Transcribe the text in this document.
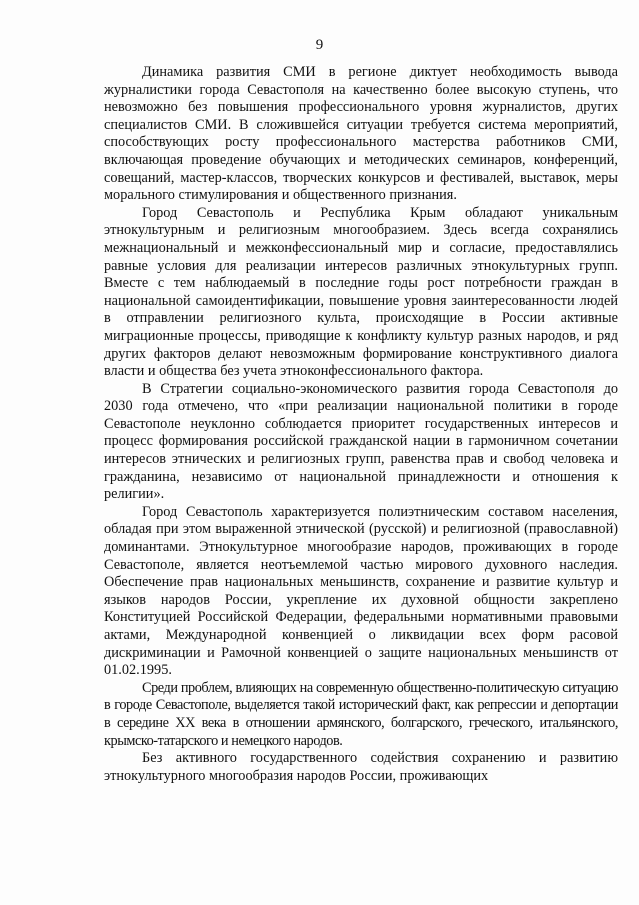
9

Динамика развития СМИ в регионе диктует необходимость вывода журналистики города Севастополя на качественно более высокую ступень, что невозможно без повышения профессионального уровня журналистов, других специалистов СМИ. В сложившейся ситуации требуется система мероприятий, способствующих росту профессионального мастерства работников СМИ, включающая проведение обучающих и методических семинаров, конференций, совещаний, мастер-классов, творческих конкурсов и фестивалей, выставок, меры морального стимулирования и общественного признания.

Город Севастополь и Республика Крым обладают уникальным этнокультурным и религиозным многообразием. Здесь всегда сохранялись межнациональный и межконфессиональный мир и согласие, предоставлялись равные условия для реализации интересов различных этнокультурных групп. Вместе с тем наблюдаемый в последние годы рост потребности граждан в национальной самоидентификации, повышение уровня заинтересованности людей в отправлении религиозного культа, происходящие в России активные миграционные процессы, приводящие к конфликту культур разных народов, и ряд других факторов делают невозможным формирование конструктивного диалога власти и общества без учета этноконфессионального фактора.

В Стратегии социально-экономического развития города Севастополя до 2030 года отмечено, что «при реализации национальной политики в городе Севастополе неуклонно соблюдается приоритет государственных интересов и процесс формирования российской гражданской нации в гармоничном сочетании интересов этнических и религиозных групп, равенства прав и свобод человека и гражданина, независимо от национальной принадлежности и отношения к религии».

Город Севастополь характеризуется полиэтническим составом населения, обладая при этом выраженной этнической (русской) и религиозной (православной) доминантами. Этнокультурное многообразие народов, проживающих в городе Севастополе, является неотъемлемой частью мирового духовного наследия. Обеспечение прав национальных меньшинств, сохранение и развитие культур и языков народов России, укрепление их духовной общности закреплено Конституцией Российской Федерации, федеральными нормативными правовыми актами, Международной конвенцией о ликвидации всех форм расовой дискриминации и Рамочной конвенцией о защите национальных меньшинств от 01.02.1995.

Среди проблем, влияющих на современную общественно-политическую ситуацию в городе Севастополе, выделяется такой исторический факт, как репрессии и депортации в середине XX века в отношении армянского, болгарского, греческого, итальянского, крымско-татарского и немецкого народов.

Без активного государственного содействия сохранению и развитию этнокультурного многообразия народов России, проживающих
